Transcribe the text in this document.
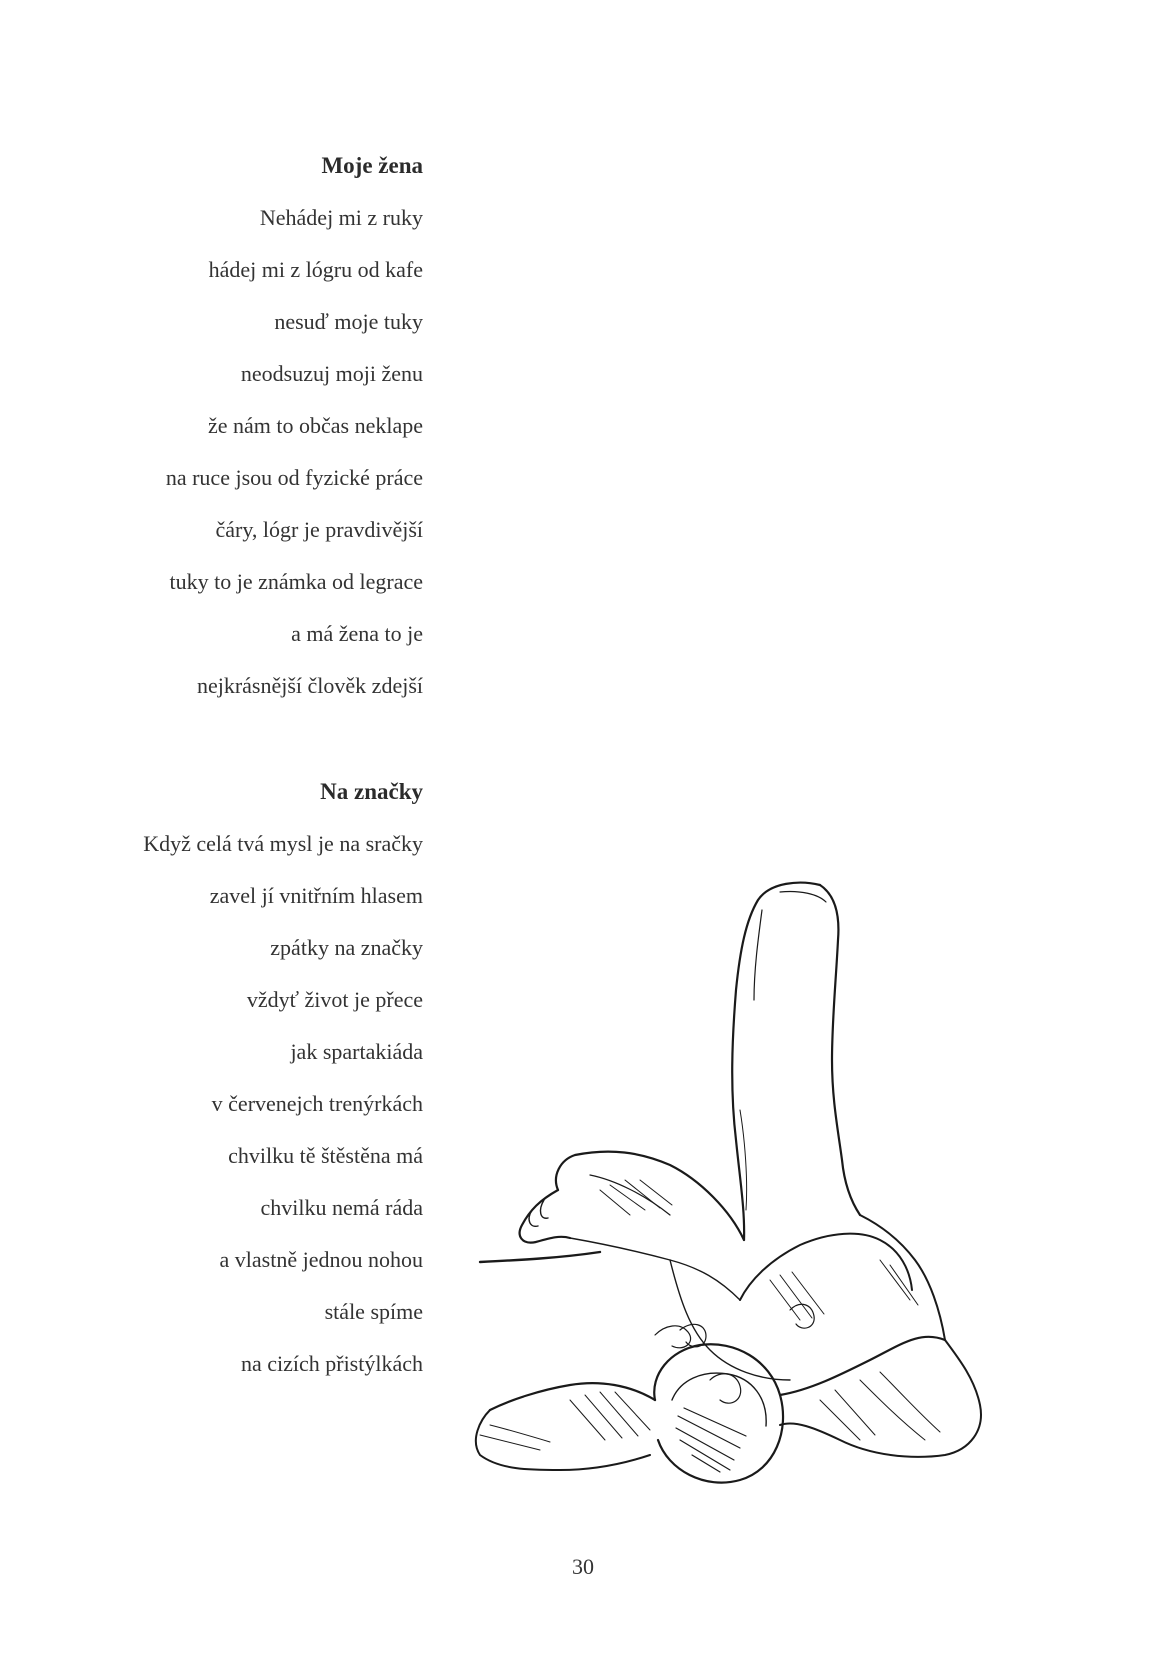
Moje žena
Nehádej mi z ruky
hádej mi z lógru od kafe
nesuď moje tuky
neodsuzuj moji ženu
že nám to občas neklape
na ruce jsou od fyzické práce
čáry, lógr je pravdivější
tuky to je známka od legrace
a má žena to je
nejkrásnější člověk zdejší
Na značky
Když celá tvá mysl je na sračky
zavel jí vnitřním hlasem
zpátky na značky
vždyť život je přece
jak spartakiáda
v červenejch trenýrkách
chvilku tě štěstěna má
chvilku nemá ráda
a vlastně jednou nohou
stále spíme
na cizích přistýlkách
30
